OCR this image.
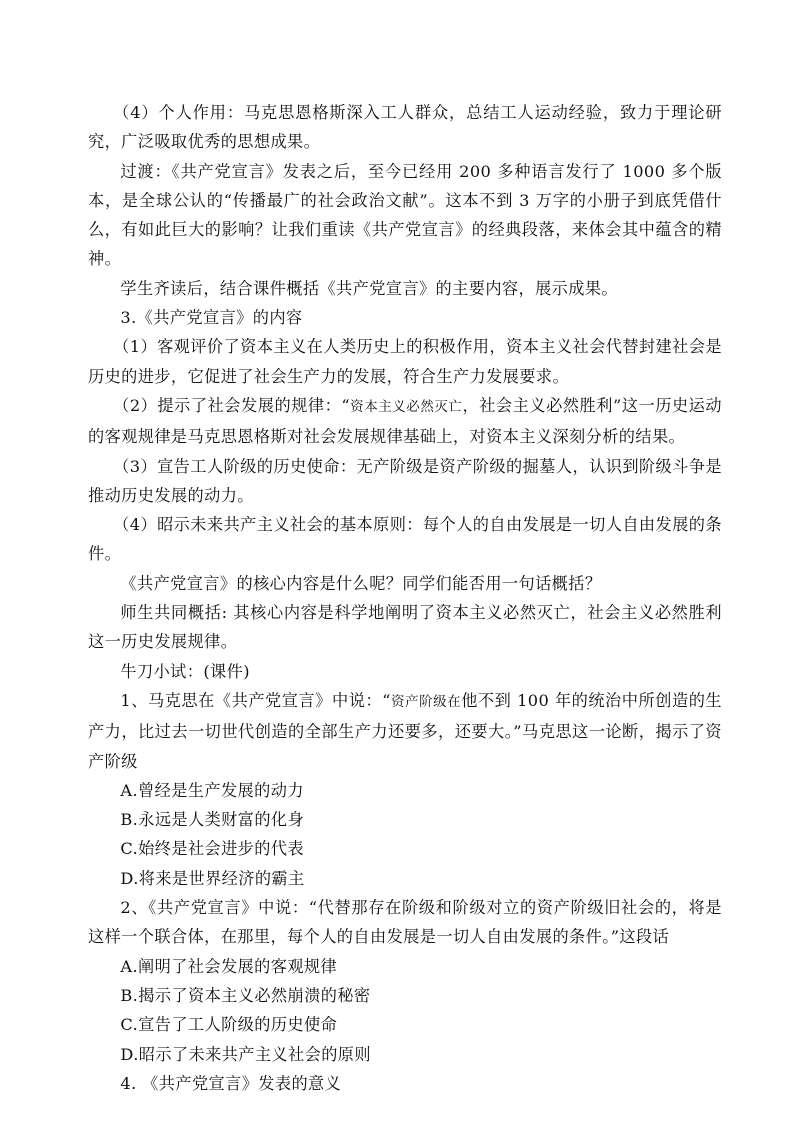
（4）个人作用：马克思恩格斯深入工人群众，总结工人运动经验，致力于理论研究，广泛吸取优秀的思想成果。

过渡：《共产党宣言》发表之后，至今已经用 200 多种语言发行了 1000 多个版本，是全球公认的“传播最广的社会政治文献”。这本不到 3 万字的小册子到底凭借什么，有如此巨大的影响？让我们重读《共产党宣言》的经典段落，来体会其中蕴含的精神。

学生齐读后，结合课件概括《共产党宣言》的主要内容，展示成果。

3.《共产党宣言》的内容

（1）客观评价了资本主义在人类历史上的积极作用，资本主义社会代替封建社会是历史的进步，它促进了社会生产力的发展，符合生产力发展要求。

（2）提示了社会发展的规律：“资本主义必然灭亡，社会主义必然胜利”这一历史运动的客观规律是马克思恩格斯对社会发展规律基础上，对资本主义深刻分析的结果。

（3）宣告工人阶级的历史使命：无产阶级是资产阶级的掘墓人，认识到阶级斗争是推动历史发展的动力。

（4）昭示未来共产主义社会的基本原则：每个人的自由发展是一切人自由发展的条件。

《共产党宣言》的核心内容是什么呢？同学们能否用一句话概括？

师生共同概括: 其核心内容是科学地阐明了资本主义必然灭亡，社会主义必然胜利这一历史发展规律。

牛刀小试：(课件)

1、马克思在《共产党宣言》中说：“资产阶级在他不到 100 年的统治中所创造的生产力，比过去一切世代创造的全部生产力还要多，还要大。”马克思这一论断，揭示了资产阶级

A.曾经是生产发展的动力

B.永远是人类财富的化身

C.始终是社会进步的代表

D.将来是世界经济的霸主

2、《共产党宣言》中说：“代替那存在阶级和阶级对立的资产阶级旧社会的，将是这样一个联合体，在那里，每个人的自由发展是一切人自由发展的条件。”这段话

A.阐明了社会发展的客观规律

B.揭示了资本主义必然崩溃的秘密

C.宣告了工人阶级的历史使命

D.昭示了未来共产主义社会的原则

4. 《共产党宣言》发表的意义
